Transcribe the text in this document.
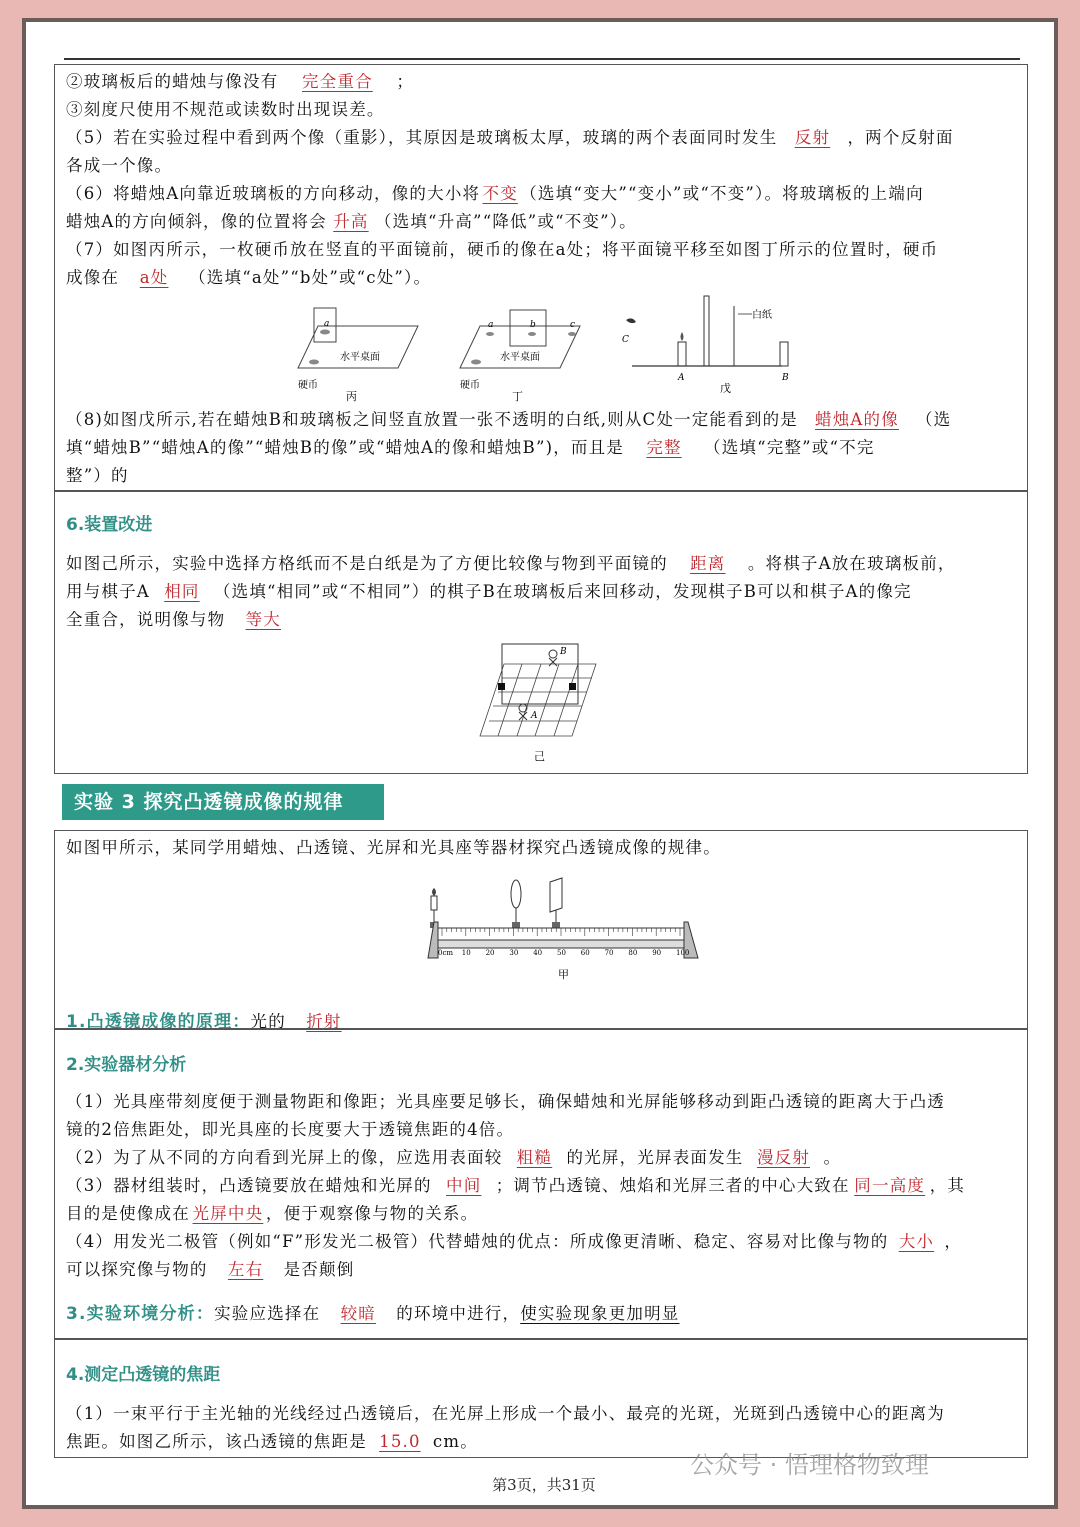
②玻璃板后的蜡烛与像没有 完全重合 ；
③刻度尺使用不规范或读数时出现误差。
（5）若在实验过程中看到两个像（重影），其原因是玻璃板太厚，玻璃的两个表面同时发生 反射 ，两个反射面
各成一个像。
（6）将蜡烛A向靠近玻璃板的方向移动，像的大小将 不变 （选填“变大”“变小”或“不变”）。将玻璃板的上端向
蜡烛A的方向倾斜，像的位置将会 升高 （选填“升高”“降低”或“不变”）。
（7）如图丙所示，一枚硬币放在竖直的平面镜前，硬币的像在a处；将平面镜平移至如图丁所示的位置时，硬币
成像在 a处 （选填“a处”“b处”或“c处”）。
a
水平桌面
硬币
丙
a	b	c
水平桌面
硬币
丁
白纸
C
A	B
戊
（8)如图戊所示,若在蜡烛B和玻璃板之间竖直放置一张不透明的白纸,则从C处一定能看到的是 蜡烛A的像 （选
填“蜡烛B”“蜡烛A的像”“蜡烛B的像”或“蜡烛A的像和蜡烛B”)，而且是 完整 （选填“完整”或“不完
整”）的
6.装置改进
如图己所示，实验中选择方格纸而不是白纸是为了方便比较像与物到平面镜的 距离 。将棋子A放在玻璃板前，
用与棋子A 相同 （选填“相同”或“不相同”）的棋子B在玻璃板后来回移动，发现棋子B可以和棋子A的像完
全重合，说明像与物 等大
B
A
己
实验 3 探究凸透镜成像的规律
如图甲所示，某同学用蜡烛、凸透镜、光屏和光具座等器材探究凸透镜成像的规律。
0cm 10 20 30 40 50 60 70 80 90 100
甲
1.凸透镜成像的原理：光的 折射
2.实验器材分析
（1）光具座带刻度便于测量物距和像距；光具座要足够长，确保蜡烛和光屏能够移动到距凸透镜的距离大于凸透
镜的2倍焦距处，即光具座的长度要大于透镜焦距的4倍。
（2）为了从不同的方向看到光屏上的像，应选用表面较 粗糙 的光屏，光屏表面发生 漫反射 。
（3）器材组装时，凸透镜要放在蜡烛和光屏的 中间 ；调节凸透镜、烛焰和光屏三者的中心大致在 同一高度 ，其
目的是使像成在 光屏中央 ，便于观察像与物的关系。
（4）用发光二极管（例如“F”形发光二极管）代替蜡烛的优点：所成像更清晰、稳定、容易对比像与物的 大小 ，
可以探究像与物的 左右 是否颠倒
3.实验环境分析：实验应选择在 较暗 的环境中进行，使实验现象更加明显
4.测定凸透镜的焦距
（1）一束平行于主光轴的光线经过凸透镜后，在光屏上形成一个最小、最亮的光斑，光斑到凸透镜中心的距离为
焦距。如图乙所示，该凸透镜的焦距是 15.0 cm。
第3页，共31页
公众号 · 悟理格物致理
